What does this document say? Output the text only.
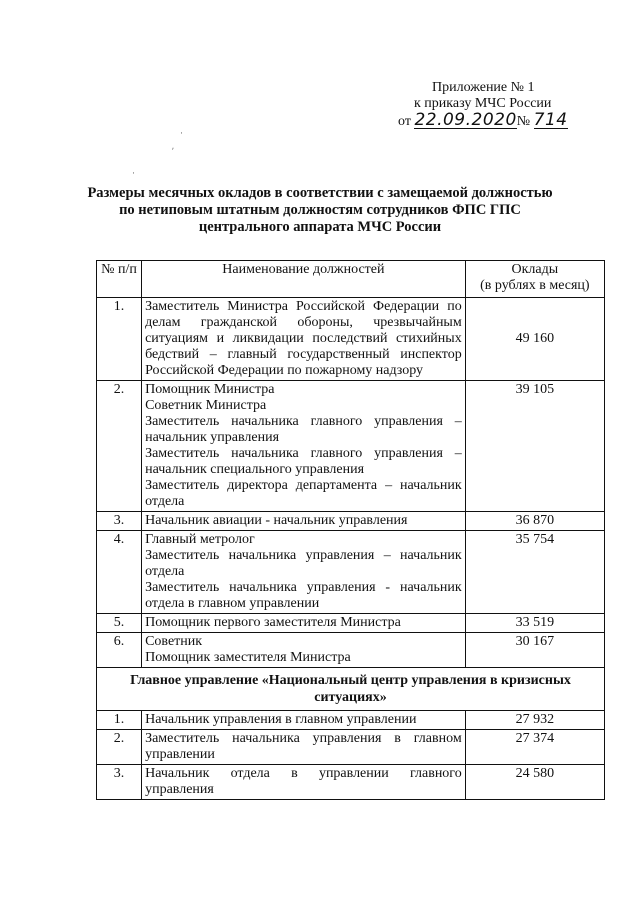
Приложение № 1
к приказу МЧС России
от 22.09.2020№ 714
Размеры месячных окладов в соответствии с замещаемой должностью по нетиповым штатным должностям сотрудников ФПС ГПС центрального аппарата МЧС России
№ п/п	Наименование должностей	Оклады
(в рублях в месяц)

1.	Заместитель Министра Российской Федерации по делам гражданской обороны, чрезвычайным ситуациям и ликвидации последствий стихийных бедствий – главный государственный инспектор Российской Федерации по пожарному надзору	49 160
2.	Помощник Министра
Советник Министра
Заместитель начальника главного управления – начальник управления
Заместитель начальника главного управления – начальник специального управления
Заместитель директора департамента – начальник отдела	39 105
3.	Начальник авиации - начальник управления	36 870
4.	Главный метролог
Заместитель начальника управления – начальник отдела
Заместитель начальника управления - начальник отдела в главном управлении	35 754
5.	Помощник первого заместителя Министра	33 519
6.	Советник
Помощник заместителя Министра	30 167
Главное управление «Национальный центр управления в кризисных ситуациях»		
1.	Начальник управления в главном управлении	27 932
2.	Заместитель начальника управления в главном управлении	27 374
3.	Начальник отдела в управлении главного управления	24 580
·
ʹ
·
